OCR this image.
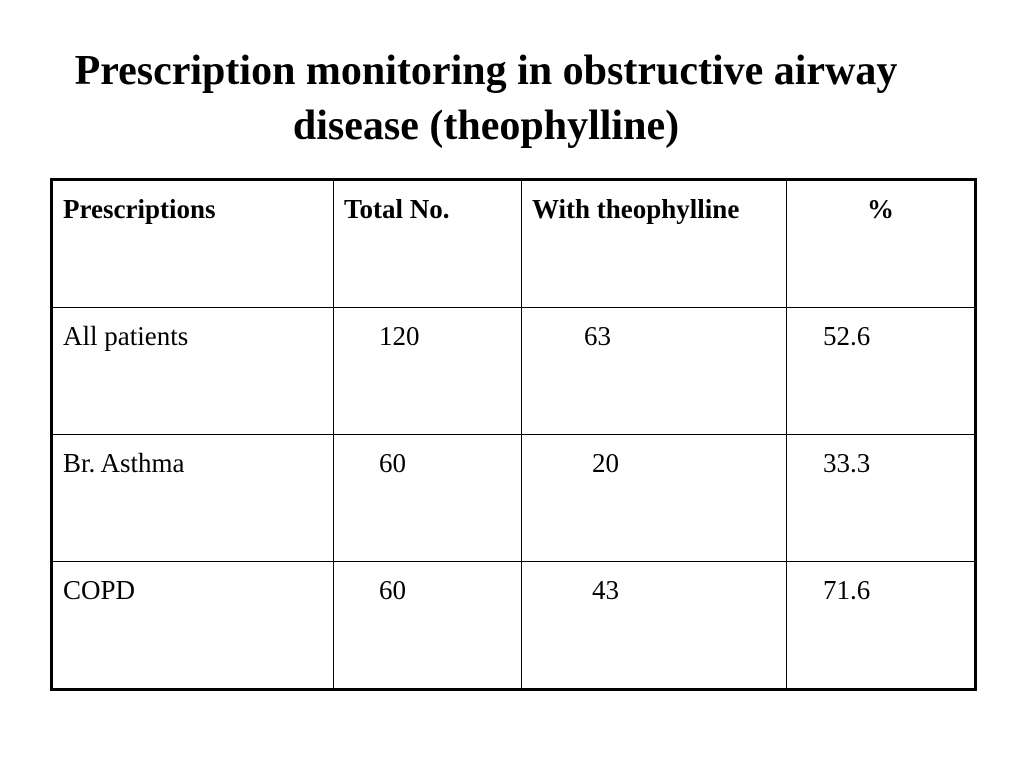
Prescription monitoring in obstructive airway
disease (theophylline)
Prescriptions	Total No.	With theophylline	%
All patients	120	63	52.6
Br. Asthma	60	20	33.3
COPD	60	43	71.6
